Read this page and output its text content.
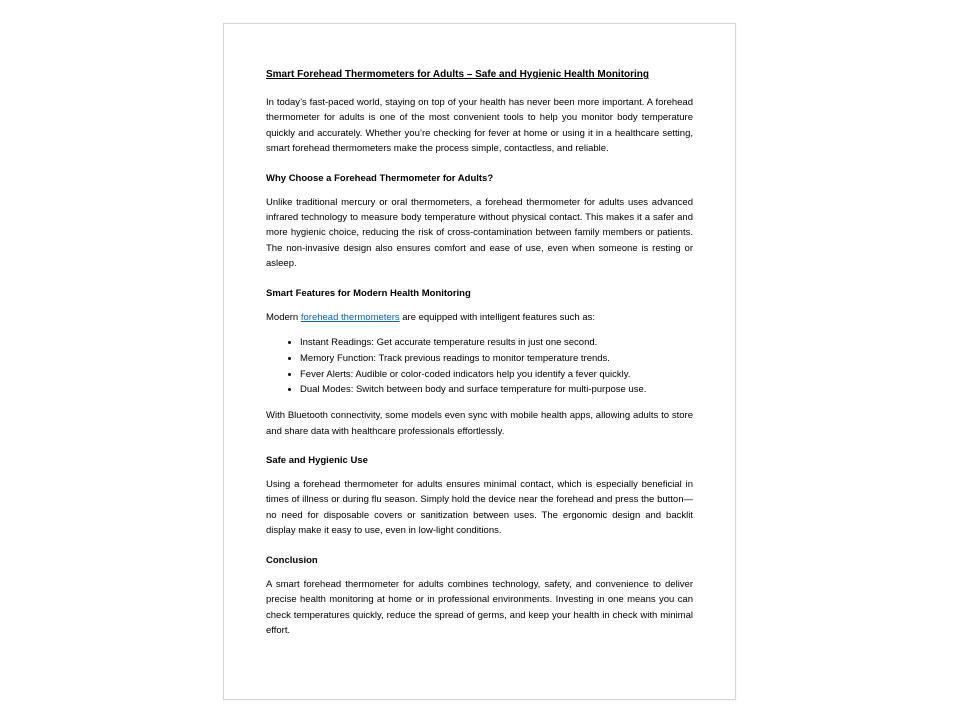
Smart Forehead Thermometers for Adults – Safe and Hygienic Health Monitoring

In today’s fast-paced world, staying on top of your health has never been more important. A forehead thermometer for adults is one of the most convenient tools to help you monitor body temperature quickly and accurately. Whether you’re checking for fever at home or using it in a healthcare setting, smart forehead thermometers make the process simple, contactless, and reliable.

Why Choose a Forehead Thermometer for Adults?

Unlike traditional mercury or oral thermometers, a forehead thermometer for adults uses advanced infrared technology to measure body temperature without physical contact. This makes it a safer and more hygienic choice, reducing the risk of cross-contamination between family members or patients. The non-invasive design also ensures comfort and ease of use, even when someone is resting or asleep.

Smart Features for Modern Health Monitoring

Modern forehead thermometers are equipped with intelligent features such as:

• Instant Readings: Get accurate temperature results in just one second.
• Memory Function: Track previous readings to monitor temperature trends.
• Fever Alerts: Audible or color-coded indicators help you identify a fever quickly.
• Dual Modes: Switch between body and surface temperature for multi-purpose use.

With Bluetooth connectivity, some models even sync with mobile health apps, allowing adults to store and share data with healthcare professionals effortlessly.

Safe and Hygienic Use

Using a forehead thermometer for adults ensures minimal contact, which is especially beneficial in times of illness or during flu season. Simply hold the device near the forehead and press the button—no need for disposable covers or sanitization between uses. The ergonomic design and backlit display make it easy to use, even in low-light conditions.

Conclusion

A smart forehead thermometer for adults combines technology, safety, and convenience to deliver precise health monitoring at home or in professional environments. Investing in one means you can check temperatures quickly, reduce the spread of germs, and keep your health in check with minimal effort.
